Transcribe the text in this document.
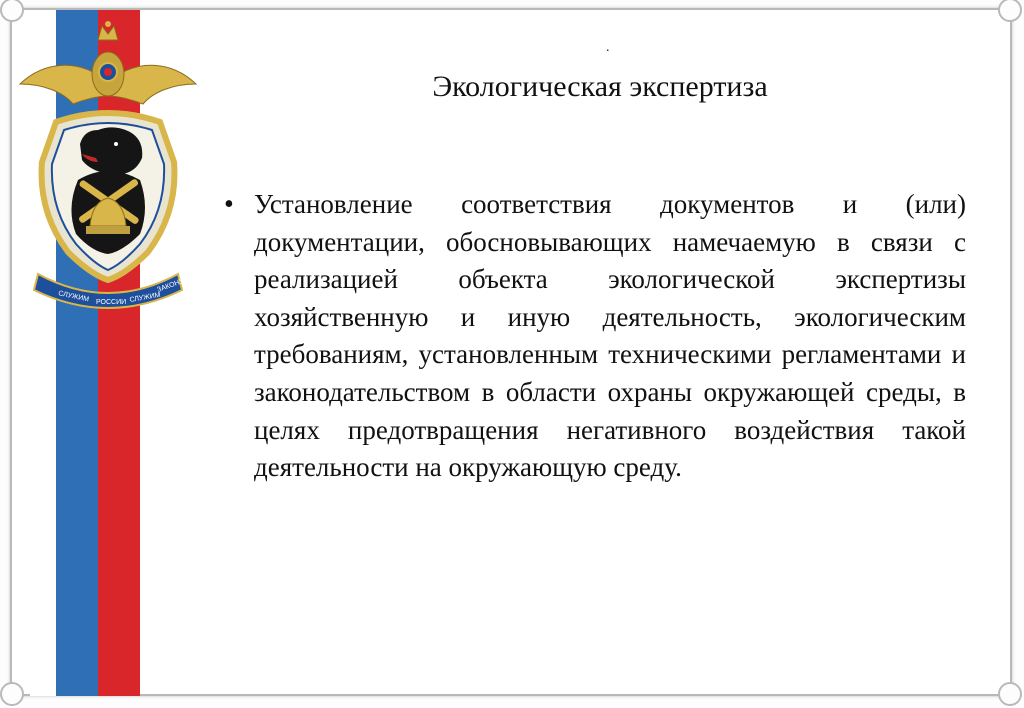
СЛУЖИМ РОССИИ СЛУЖИМ
ЗАКОНУ
.
Экологическая экспертиза
• Установление соответствия документов и (или) документации, обосновывающих намечаемую в связи с реализацией объекта экологической экспертизы хозяйственную и иную деятельность, экологическим требованиям, установленным техническими регламентами и законодательством в области охраны окружающей среды, в целях предотвращения негативного воздействия такой деятельности на окружающую среду.
